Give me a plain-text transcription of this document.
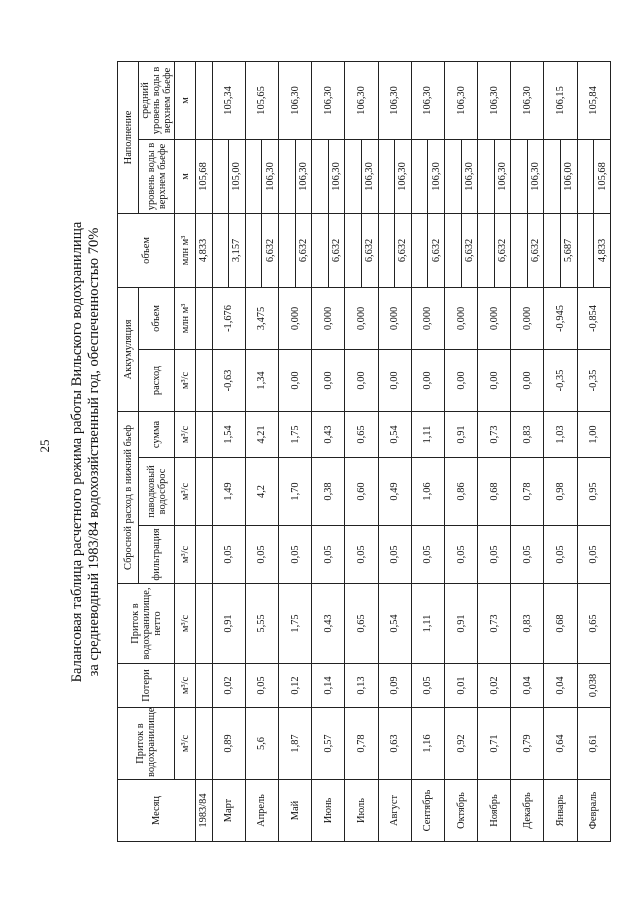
25 Балансовая таблица расчетного режима работы Вильского водохранилища
за средневодный 1983/84 водохозяйственный год, обеспеченностью 70%

Месяц	Приток в водохранилище	Потери	Приток в водохранилище, нетто	Сбросной расход в нижний бьеф			Аккумуляция		объем	Наполнение	
				фильтрация	паводковый водосброс	сумма	расход	объем		уровень воды в верхнем бьефе	средний уровень воды в верхнем бьефе
	м³/с	м³/с	м³/с	м³/с	м³/с	м³/с	м³/с	млн м³	млн м³	м	м
1983/84									4,833	105,68	
Март	0,89	0,02	0,91	0,05	1,49	1,54	-0,63	-1,676			105,34
									3,157	105,00	
Апрель	5,6	0,05	5,55	0,05	4,2	4,21	1,34	3,475			105,65
									6,632	106,30	
Май	1,87	0,12	1,75	0,05	1,70	1,75	0,00	0,000			106,30
									6,632	106,30	
Июнь	0,57	0,14	0,43	0,05	0,38	0,43	0,00	0,000			106,30
									6,632	106,30	
Июль	0,78	0,13	0,65	0,05	0,60	0,65	0,00	0,000			106,30
									6,632	106,30	
Август	0,63	0,09	0,54	0,05	0,49	0,54	0,00	0,000			106,30
									6,632	106,30	
Сентябрь	1,16	0,05	1,11	0,05	1,06	1,11	0,00	0,000			106,30
									6,632	106,30	
Октябрь	0,92	0,01	0,91	0,05	0,86	0,91	0,00	0,000			106,30
									6,632	106,30	
Ноябрь	0,71	0,02	0,73	0,05	0,68	0,73	0,00	0,000			106,30
									6,632	106,30	
Декабрь	0,79	0,04	0,83	0,05	0,78	0,83	0,00	0,000			106,30
									6,632	106,30	
Январь	0,64	0,04	0,68	0,05	0,98	1,03	-0,35	-0,945			106,15
									5,687	106,00	
Февраль	0,61	0,038	0,65	0,05	0,95	1,00	-0,35	-0,854			105,84
									4,833	105,68	
